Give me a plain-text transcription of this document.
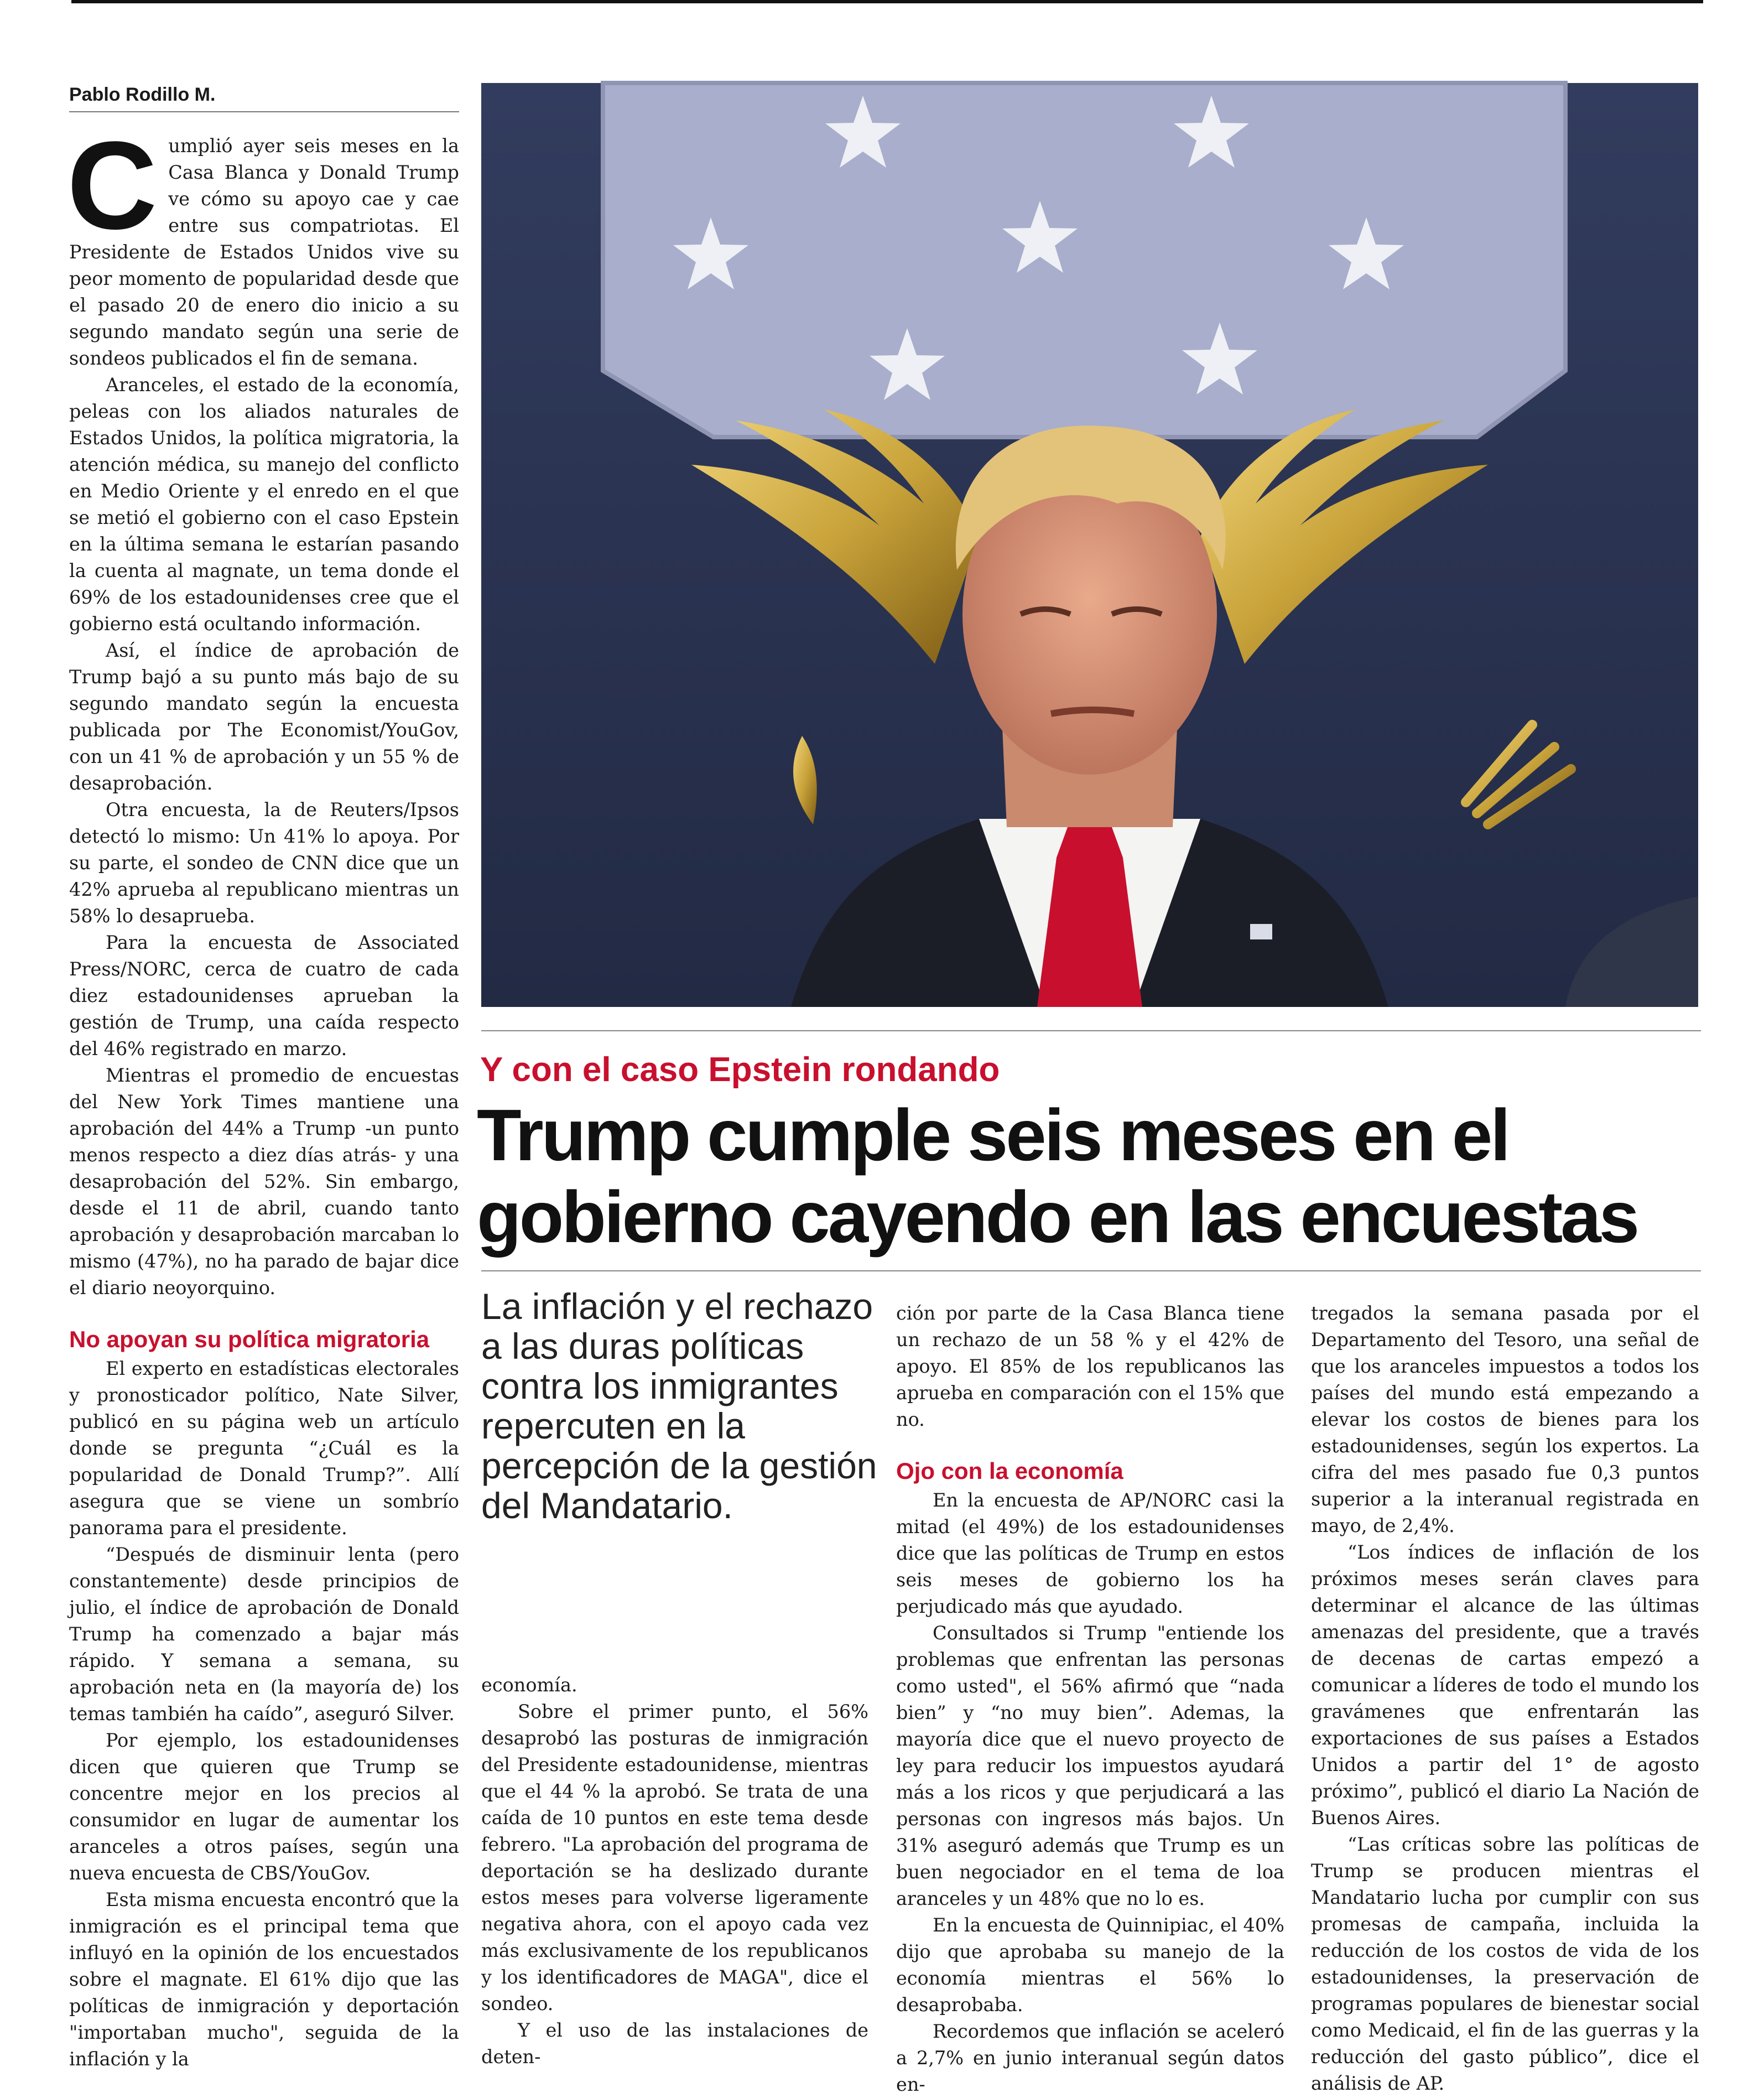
Pablo Rodillo M.
C umplió ayer seis meses en la Casa Blanca y Donald Trump ve cómo su apoyo cae y cae entre sus compatriotas. El Presidente de Estados Unidos vive su peor momento de popularidad desde que el pasado 20 de enero dio inicio a su segundo mandato según una serie de sondeos publicados el fin de semana.

Aranceles, el estado de la economía, peleas con los aliados naturales de Estados Unidos, la política migratoria, la atención médica, su manejo del conflicto en Medio Oriente y el enredo en el que se metió el gobierno con el caso Epstein en la última semana le estarían pasando la cuenta al magnate, un tema donde el 69% de los estadounidenses cree que el gobierno está ocultando información.

Así, el índice de aprobación de Trump bajó a su punto más bajo de su segundo mandato según la encuesta publicada por The Economist/YouGov, con un 41 % de aprobación y un 55 % de desaprobación.

Otra encuesta, la de Reuters/Ipsos detectó lo mismo: Un 41% lo apoya. Por su parte, el sondeo de CNN dice que un 42% aprueba al republicano mientras un 58% lo desaprueba.

Para la encuesta de Associated Press/NORC, cerca de cuatro de cada diez estadounidenses aprueban la gestión de Trump, una caída respecto del 46% registrado en marzo.

Mientras el promedio de encuestas del New York Times mantiene una aprobación del 44% a Trump -un punto menos respecto a diez días atrás- y una desaprobación del 52%. Sin embargo, desde el 11 de abril, cuando tanto aprobación y desaprobación marcaban lo mismo (47%), no ha parado de bajar dice el diario neoyorquino.

No apoyan su política migratoria

El experto en estadísticas electorales y pronosticador político, Nate Silver, publicó en su página web un artículo donde se pregunta “¿Cuál es la popularidad de Donald Trump?”. Allí asegura que se viene un sombrío panorama para el presidente.

“Después de disminuir lenta (pero constantemente) desde principios de julio, el índice de aprobación de Donald Trump ha comenzado a bajar más rápido. Y semana a semana, su aprobación neta en (la mayoría de) los temas también ha caído”, aseguró Silver.

Por ejemplo, los estadounidenses dicen que quieren que Trump se concentre mejor en los precios al consumidor en lugar de aumentar los aranceles a otros países, según una nueva encuesta de CBS/YouGov.

Esta misma encuesta encontró que la inmigración es el principal tema que influyó en la opinión de los encuestados sobre el magnate. El 61% dijo que las políticas de inmigración y deportación "importaban mucho", seguida de la inflación y la

Y con el caso Epstein rondando
Trump cumple seis meses en el gobierno cayendo en las encuestas
La inflación y el rechazo a las duras políticas contra los inmigrantes repercuten en la percepción de la gestión del Mandatario.

economía.

Sobre el primer punto, el 56% desaprobó las posturas de inmigración del Presidente estadounidense, mientras que el 44 % la aprobó. Se trata de una caída de 10 puntos en este tema desde febrero. "La aprobación del programa de deportación se ha deslizado durante estos meses para volverse ligeramente negativa ahora, con el apoyo cada vez más exclusivamente de los republicanos y los identificadores de MAGA", dice el sondeo.

Y el uso de las instalaciones de deten-

ción por parte de la Casa Blanca tiene un rechazo de un 58 % y el 42% de apoyo. El 85% de los republicanos las aprueba en comparación con el 15% que no.

Ojo con la economía

En la encuesta de AP/NORC casi la mitad (el 49%) de los estadounidenses dice que las políticas de Trump en estos seis meses de gobierno los ha perjudicado más que ayudado.

Consultados si Trump "entiende los problemas que enfrentan las personas como usted", el 56% afirmó que “nada bien” y “no muy bien”. Ademas, la mayoría dice que el nuevo proyecto de ley para reducir los impuestos ayudará más a los ricos y que perjudicará a las personas con ingresos más bajos. Un 31% aseguró además que Trump es un buen negociador en el tema de loa aranceles y un 48% que no lo es.

En la encuesta de Quinnipiac, el 40% dijo que aprobaba su manejo de la economía mientras el 56% lo desaprobaba.

Recordemos que inflación se aceleró a 2,7% en junio interanual según datos en-

tregados la semana pasada por el Departamento del Tesoro, una señal de que los aranceles impuestos a todos los países del mundo está empezando a elevar los costos de bienes para los estadounidenses, según los expertos. La cifra del mes pasado fue 0,3 puntos superior a la interanual registrada en mayo, de 2,4%.

“Los índices de inflación de los próximos meses serán claves para determinar el alcance de las últimas amenazas del presidente, que a través de decenas de cartas empezó a comunicar a líderes de todo el mundo los gravámenes que enfrentarán las exportaciones de sus países a Estados Unidos a partir del 1° de agosto próximo”, publicó el diario La Nación de Buenos Aires.

“Las críticas sobre las políticas de Trump se producen mientras el Mandatario lucha por cumplir con sus promesas de campaña, incluida la reducción de los costos de vida de los estadounidenses, la preservación de programas populares de bienestar social como Medicaid, el fin de las guerras y la reducción del gasto público”, dice el análisis de AP.
